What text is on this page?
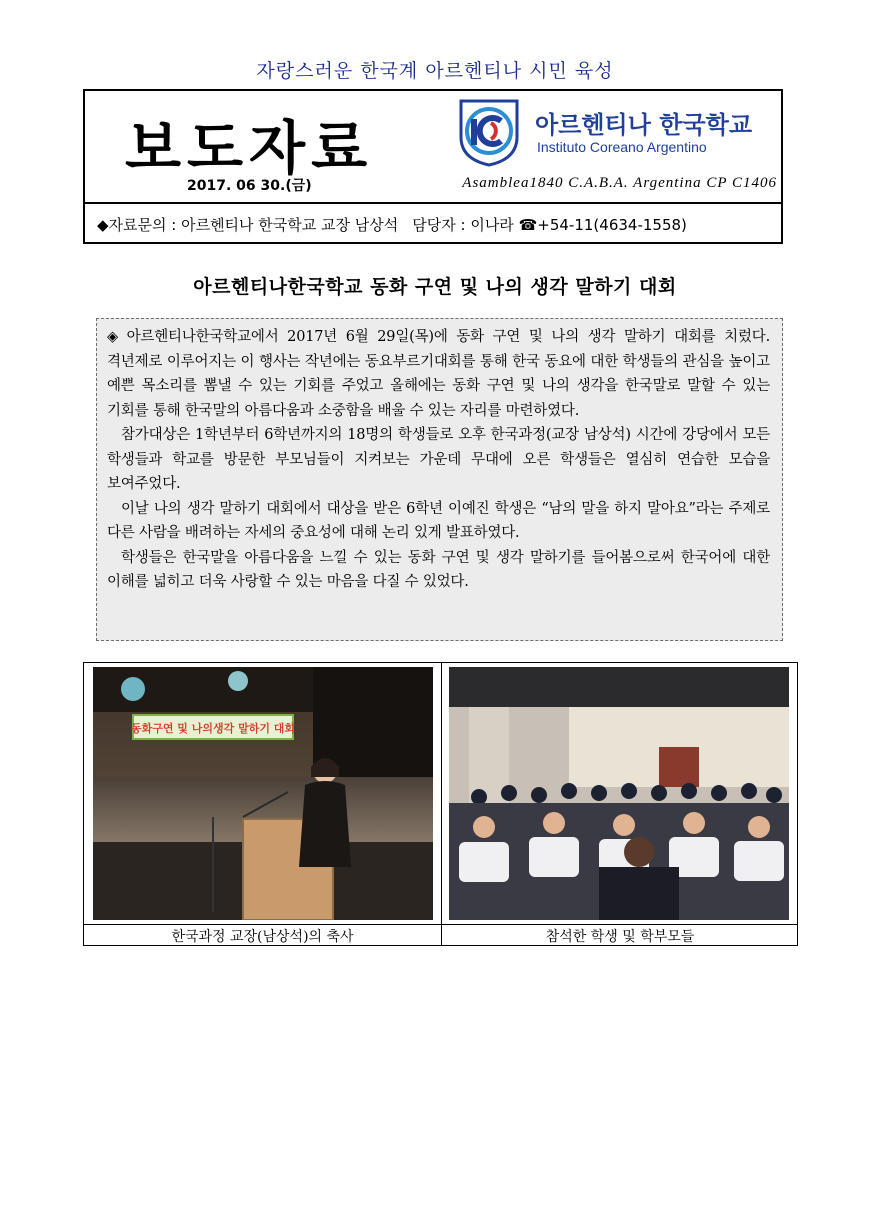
자랑스러운 한국계 아르헨티나 시민 육성
보도자료
2017. 06 30.(금)
아르헨티나 한국학교
Instituto Coreano Argentino
Asamblea1840 C.A.B.A. Argentina CP C1406
◆자료문의 : 아르헨티나 한국학교 교장 남상석 담당자 : 이나라 ☎+54-11(4634-1558)
아르헨티나한국학교 동화 구연 및 나의 생각 말하기 대회

◈ 아르헨티나한국학교에서 2017년 6월 29일(목)에 동화 구연 및 나의 생각 말하기 대회를 치렀다. 격년제로 이루어지는 이 행사는 작년에는 동요부르기대회를 통해 한국 동요에 대한 학생들의 관심을 높이고 예쁜 목소리를 뽐낼 수 있는 기회를 주었고 올해에는 동화 구연 및 나의 생각을 한국말로 말할 수 있는 기회를 통해 한국말의 아름다움과 소중함을 배울 수 있는 자리를 마련하였다.

참가대상은 1학년부터 6학년까지의 18명의 학생들로 오후 한국과정(교장 남상석) 시간에 강당에서 모든 학생들과 학교를 방문한 부모님들이 지켜보는 가운데 무대에 오른 학생들은 열심히 연습한 모습을 보여주었다.

이날 나의 생각 말하기 대회에서 대상을 받은 6학년 이예진 학생은 “남의 말을 하지 말아요”라는 주제로 다른 사람을 배려하는 자세의 중요성에 대해 논리 있게 발표하였다.

학생들은 한국말을 아름다움을 느낄 수 있는 동화 구연 및 생각 말하기를 들어봄으로써 한국어에 대한 이해를 넓히고 더욱 사랑할 수 있는 마음을 다질 수 있었다.

동화구연 및 나의생각 말하기 대회
한국과정 교장(남상석)의 축사	참석한 학생 및 학부모들
